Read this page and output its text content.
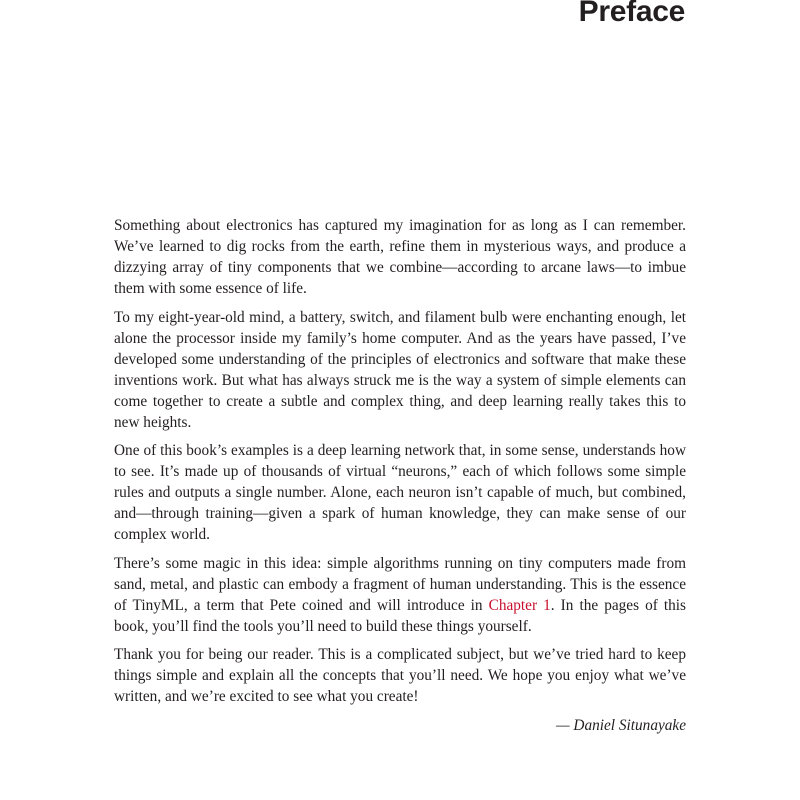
Preface

Something about electronics has captured my imagination for as long as I can remember. We’ve learned to dig rocks from the earth, refine them in mysterious ways, and produce a dizzying array of tiny components that we combine—according to arcane laws—to imbue them with some essence of life.

To my eight-year-old mind, a battery, switch, and filament bulb were enchanting enough, let alone the processor inside my family’s home computer. And as the years have passed, I’ve developed some understanding of the principles of electronics and software that make these inventions work. But what has always struck me is the way a system of simple elements can come together to create a subtle and complex thing, and deep learning really takes this to new heights.

One of this book’s examples is a deep learning network that, in some sense, understands how to see. It’s made up of thousands of virtual “neurons,” each of which follows some simple rules and outputs a single number. Alone, each neuron isn’t capable of much, but combined, and—through training—given a spark of human knowledge, they can make sense of our complex world.

There’s some magic in this idea: simple algorithms running on tiny computers made from sand, metal, and plastic can embody a fragment of human understanding. This is the essence of TinyML, a term that Pete coined and will introduce in Chapter 1. In the pages of this book, you’ll find the tools you’ll need to build these things yourself.

Thank you for being our reader. This is a complicated subject, but we’ve tried hard to keep things simple and explain all the concepts that you’ll need. We hope you enjoy what we’ve written, and we’re excited to see what you create!

— Daniel Situnayake
